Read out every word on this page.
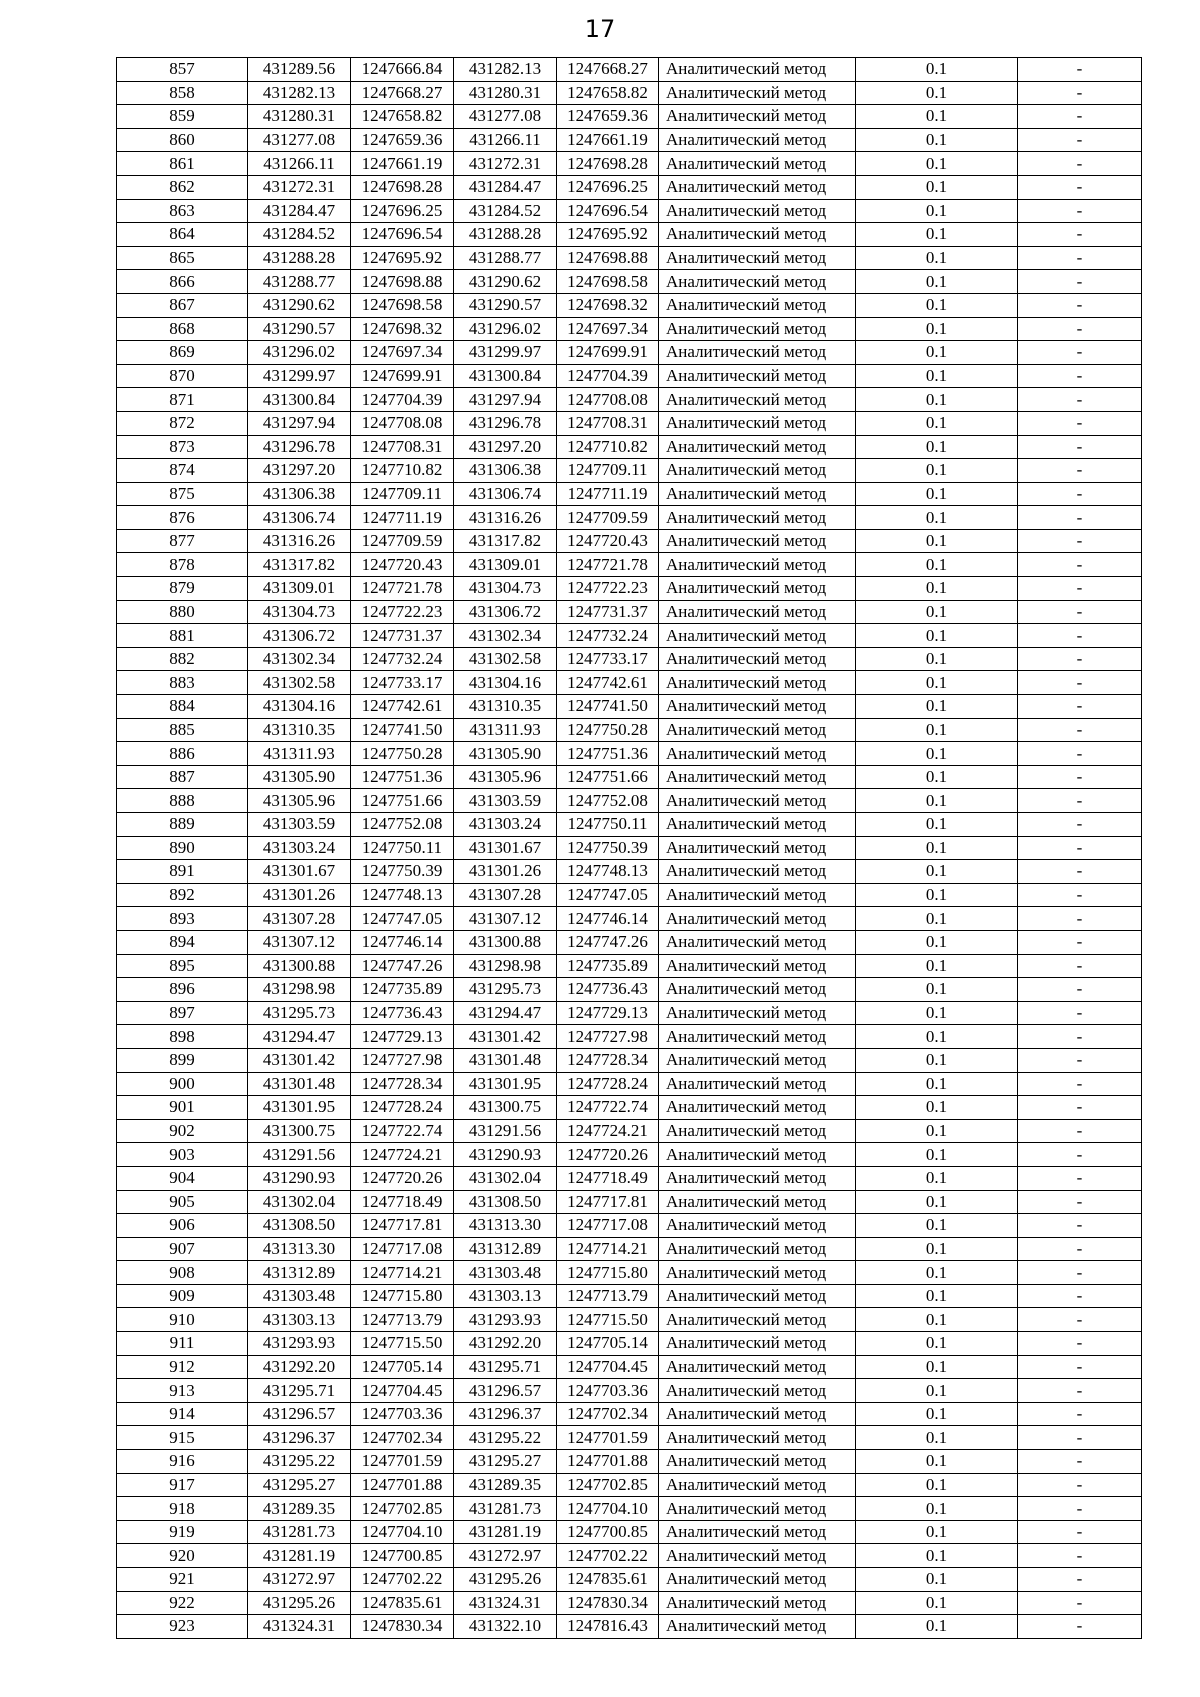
17
857	431289.56	1247666.84	431282.13	1247668.27	Аналитический метод	0.1	-
858	431282.13	1247668.27	431280.31	1247658.82	Аналитический метод	0.1	-
859	431280.31	1247658.82	431277.08	1247659.36	Аналитический метод	0.1	-
860	431277.08	1247659.36	431266.11	1247661.19	Аналитический метод	0.1	-
861	431266.11	1247661.19	431272.31	1247698.28	Аналитический метод	0.1	-
862	431272.31	1247698.28	431284.47	1247696.25	Аналитический метод	0.1	-
863	431284.47	1247696.25	431284.52	1247696.54	Аналитический метод	0.1	-
864	431284.52	1247696.54	431288.28	1247695.92	Аналитический метод	0.1	-
865	431288.28	1247695.92	431288.77	1247698.88	Аналитический метод	0.1	-
866	431288.77	1247698.88	431290.62	1247698.58	Аналитический метод	0.1	-
867	431290.62	1247698.58	431290.57	1247698.32	Аналитический метод	0.1	-
868	431290.57	1247698.32	431296.02	1247697.34	Аналитический метод	0.1	-
869	431296.02	1247697.34	431299.97	1247699.91	Аналитический метод	0.1	-
870	431299.97	1247699.91	431300.84	1247704.39	Аналитический метод	0.1	-
871	431300.84	1247704.39	431297.94	1247708.08	Аналитический метод	0.1	-
872	431297.94	1247708.08	431296.78	1247708.31	Аналитический метод	0.1	-
873	431296.78	1247708.31	431297.20	1247710.82	Аналитический метод	0.1	-
874	431297.20	1247710.82	431306.38	1247709.11	Аналитический метод	0.1	-
875	431306.38	1247709.11	431306.74	1247711.19	Аналитический метод	0.1	-
876	431306.74	1247711.19	431316.26	1247709.59	Аналитический метод	0.1	-
877	431316.26	1247709.59	431317.82	1247720.43	Аналитический метод	0.1	-
878	431317.82	1247720.43	431309.01	1247721.78	Аналитический метод	0.1	-
879	431309.01	1247721.78	431304.73	1247722.23	Аналитический метод	0.1	-
880	431304.73	1247722.23	431306.72	1247731.37	Аналитический метод	0.1	-
881	431306.72	1247731.37	431302.34	1247732.24	Аналитический метод	0.1	-
882	431302.34	1247732.24	431302.58	1247733.17	Аналитический метод	0.1	-
883	431302.58	1247733.17	431304.16	1247742.61	Аналитический метод	0.1	-
884	431304.16	1247742.61	431310.35	1247741.50	Аналитический метод	0.1	-
885	431310.35	1247741.50	431311.93	1247750.28	Аналитический метод	0.1	-
886	431311.93	1247750.28	431305.90	1247751.36	Аналитический метод	0.1	-
887	431305.90	1247751.36	431305.96	1247751.66	Аналитический метод	0.1	-
888	431305.96	1247751.66	431303.59	1247752.08	Аналитический метод	0.1	-
889	431303.59	1247752.08	431303.24	1247750.11	Аналитический метод	0.1	-
890	431303.24	1247750.11	431301.67	1247750.39	Аналитический метод	0.1	-
891	431301.67	1247750.39	431301.26	1247748.13	Аналитический метод	0.1	-
892	431301.26	1247748.13	431307.28	1247747.05	Аналитический метод	0.1	-
893	431307.28	1247747.05	431307.12	1247746.14	Аналитический метод	0.1	-
894	431307.12	1247746.14	431300.88	1247747.26	Аналитический метод	0.1	-
895	431300.88	1247747.26	431298.98	1247735.89	Аналитический метод	0.1	-
896	431298.98	1247735.89	431295.73	1247736.43	Аналитический метод	0.1	-
897	431295.73	1247736.43	431294.47	1247729.13	Аналитический метод	0.1	-
898	431294.47	1247729.13	431301.42	1247727.98	Аналитический метод	0.1	-
899	431301.42	1247727.98	431301.48	1247728.34	Аналитический метод	0.1	-
900	431301.48	1247728.34	431301.95	1247728.24	Аналитический метод	0.1	-
901	431301.95	1247728.24	431300.75	1247722.74	Аналитический метод	0.1	-
902	431300.75	1247722.74	431291.56	1247724.21	Аналитический метод	0.1	-
903	431291.56	1247724.21	431290.93	1247720.26	Аналитический метод	0.1	-
904	431290.93	1247720.26	431302.04	1247718.49	Аналитический метод	0.1	-
905	431302.04	1247718.49	431308.50	1247717.81	Аналитический метод	0.1	-
906	431308.50	1247717.81	431313.30	1247717.08	Аналитический метод	0.1	-
907	431313.30	1247717.08	431312.89	1247714.21	Аналитический метод	0.1	-
908	431312.89	1247714.21	431303.48	1247715.80	Аналитический метод	0.1	-
909	431303.48	1247715.80	431303.13	1247713.79	Аналитический метод	0.1	-
910	431303.13	1247713.79	431293.93	1247715.50	Аналитический метод	0.1	-
911	431293.93	1247715.50	431292.20	1247705.14	Аналитический метод	0.1	-
912	431292.20	1247705.14	431295.71	1247704.45	Аналитический метод	0.1	-
913	431295.71	1247704.45	431296.57	1247703.36	Аналитический метод	0.1	-
914	431296.57	1247703.36	431296.37	1247702.34	Аналитический метод	0.1	-
915	431296.37	1247702.34	431295.22	1247701.59	Аналитический метод	0.1	-
916	431295.22	1247701.59	431295.27	1247701.88	Аналитический метод	0.1	-
917	431295.27	1247701.88	431289.35	1247702.85	Аналитический метод	0.1	-
918	431289.35	1247702.85	431281.73	1247704.10	Аналитический метод	0.1	-
919	431281.73	1247704.10	431281.19	1247700.85	Аналитический метод	0.1	-
920	431281.19	1247700.85	431272.97	1247702.22	Аналитический метод	0.1	-
921	431272.97	1247702.22	431295.26	1247835.61	Аналитический метод	0.1	-
922	431295.26	1247835.61	431324.31	1247830.34	Аналитический метод	0.1	-
923	431324.31	1247830.34	431322.10	1247816.43	Аналитический метод	0.1	-
